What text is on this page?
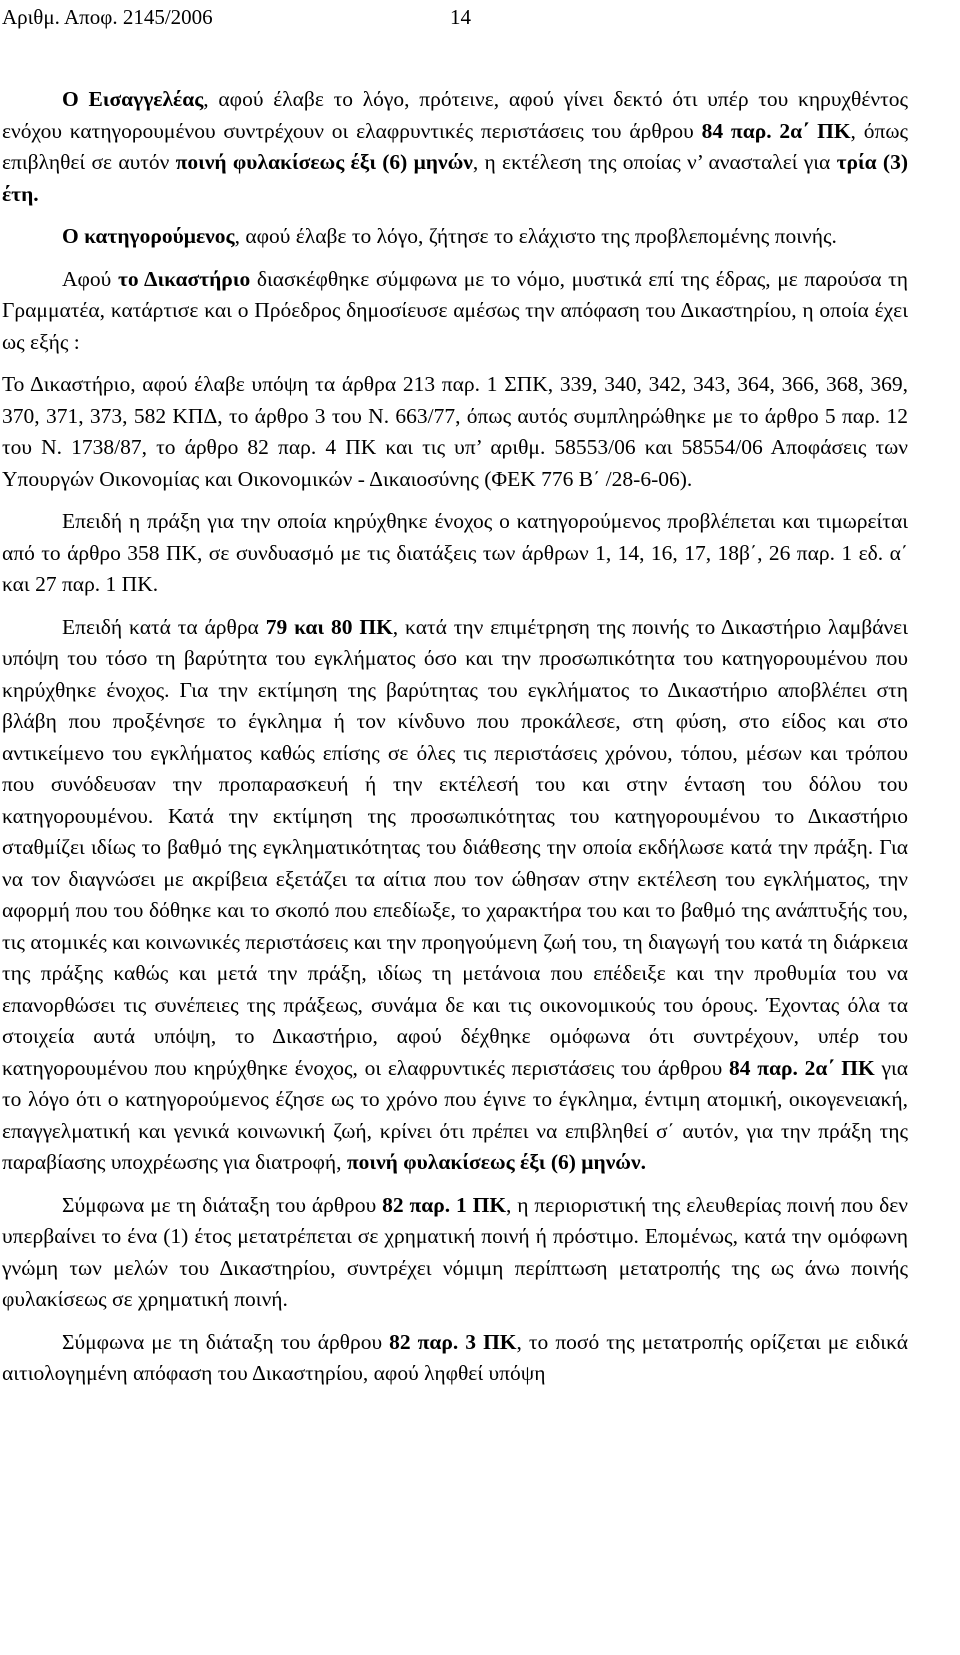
Αριθμ. Αποφ. 2145/2006	14

Ο Εισαγγελέας, αφού έλαβε το λόγο, πρότεινε, αφού γίνει δεκτό ότι υπέρ του κηρυχθέντος ενόχου κατηγορουμένου συντρέχουν οι ελαφρυντικές περιστάσεις του άρθρου 84 παρ. 2α΄ ΠΚ, όπως επιβληθεί σε αυτόν ποινή φυλακίσεως έξι (6) μηνών, η εκτέλεση της οποίας ν’ ανασταλεί για τρία (3) έτη.

Ο κατηγορούμενος, αφού έλαβε το λόγο, ζήτησε το ελάχιστο της προβλεπομένης ποινής.

Αφού το Δικαστήριο διασκέφθηκε σύμφωνα με το νόμο, μυστικά επί της έδρας, με παρούσα τη Γραμματέα, κατάρτισε και ο Πρόεδρος δημοσίευσε αμέσως την απόφαση του Δικαστηρίου, η οποία έχει ως εξής :

Το Δικαστήριο, αφού έλαβε υπόψη τα άρθρα 213 παρ. 1 ΣΠΚ, 339, 340, 342, 343, 364, 366, 368, 369, 370, 371, 373, 582 ΚΠΔ, το άρθρο 3 του Ν. 663/77, όπως αυτός συμπληρώθηκε με το άρθρο 5 παρ. 12 του Ν. 1738/87, το άρθρο 82 παρ. 4 ΠΚ και τις υπ’ αριθμ. 58553/06 και 58554/06 Αποφάσεις των Υπουργών Οικονομίας και Οικονομικών - Δικαιοσύνης (ΦΕΚ 776 Β΄ /28-6-06).

Επειδή η πράξη για την οποία κηρύχθηκε ένοχος ο κατηγορούμενος προβλέπεται και τιμωρείται από το άρθρο 358 ΠΚ, σε συνδυασμό με τις διατάξεις των άρθρων 1, 14, 16, 17, 18β΄, 26 παρ. 1 εδ. α΄ και 27 παρ. 1 ΠΚ.

Επειδή κατά τα άρθρα 79 και 80 ΠΚ, κατά την επιμέτρηση της ποινής το Δικαστήριο λαμβάνει υπόψη του τόσο τη βαρύτητα του εγκλήματος όσο και την προσωπικότητα του κατηγορουμένου που κηρύχθηκε ένοχος. Για την εκτίμηση της βαρύτητας του εγκλήματος το Δικαστήριο αποβλέπει στη βλάβη που προξένησε το έγκλημα ή τον κίνδυνο που προκάλεσε, στη φύση, στο είδος και στο αντικείμενο του εγκλήματος καθώς επίσης σε όλες τις περιστάσεις χρόνου, τόπου, μέσων και τρόπου που συνόδευσαν την προπαρασκευή ή την εκτέλεσή του και στην ένταση του δόλου του κατηγορουμένου. Κατά την εκτίμηση της προσωπικότητας του κατηγορουμένου το Δικαστήριο σταθμίζει ιδίως το βαθμό της εγκληματικότητας του διάθεσης την οποία εκδήλωσε κατά την πράξη. Για να τον διαγνώσει με ακρίβεια εξετάζει τα αίτια που τον ώθησαν στην εκτέλεση του εγκλήματος, την αφορμή που του δόθηκε και το σκοπό που επεδίωξε, το χαρακτήρα του και το βαθμό της ανάπτυξής του, τις ατομικές και κοινωνικές περιστάσεις και την προηγούμενη ζωή του, τη διαγωγή του κατά τη διάρκεια της πράξης καθώς και μετά την πράξη, ιδίως τη μετάνοια που επέδειξε και την προθυμία του να επανορθώσει τις συνέπειες της πράξεως, συνάμα δε και τις οικονομικούς του όρους. Έχοντας όλα τα στοιχεία αυτά υπόψη, το Δικαστήριο, αφού δέχθηκε ομόφωνα ότι συντρέχουν, υπέρ του κατηγορουμένου που κηρύχθηκε ένοχος, οι ελαφρυντικές περιστάσεις του άρθρου 84 παρ. 2α΄ ΠΚ για το λόγο ότι ο κατηγορούμενος έζησε ως το χρόνο που έγινε το έγκλημα, έντιμη ατομική, οικογενειακή, επαγγελματική και γενικά κοινωνική ζωή, κρίνει ότι πρέπει να επιβληθεί σ΄ αυτόν, για την πράξη της παραβίασης υποχρέωσης για διατροφή, ποινή φυλακίσεως έξι (6) μηνών.

Σύμφωνα με τη διάταξη του άρθρου 82 παρ. 1 ΠΚ, η περιοριστική της ελευθερίας ποινή που δεν υπερβαίνει το ένα (1) έτος μετατρέπεται σε χρηματική ποινή ή πρόστιμο. Επομένως, κατά την ομόφωνη γνώμη των μελών του Δικαστηρίου, συντρέχει νόμιμη περίπτωση μετατροπής της ως άνω ποινής φυλακίσεως σε χρηματική ποινή.

Σύμφωνα με τη διάταξη του άρθρου 82 παρ. 3 ΠΚ, το ποσό της μετατροπής ορίζεται με ειδικά αιτιολογημένη απόφαση του Δικαστηρίου, αφού ληφθεί υπόψη
